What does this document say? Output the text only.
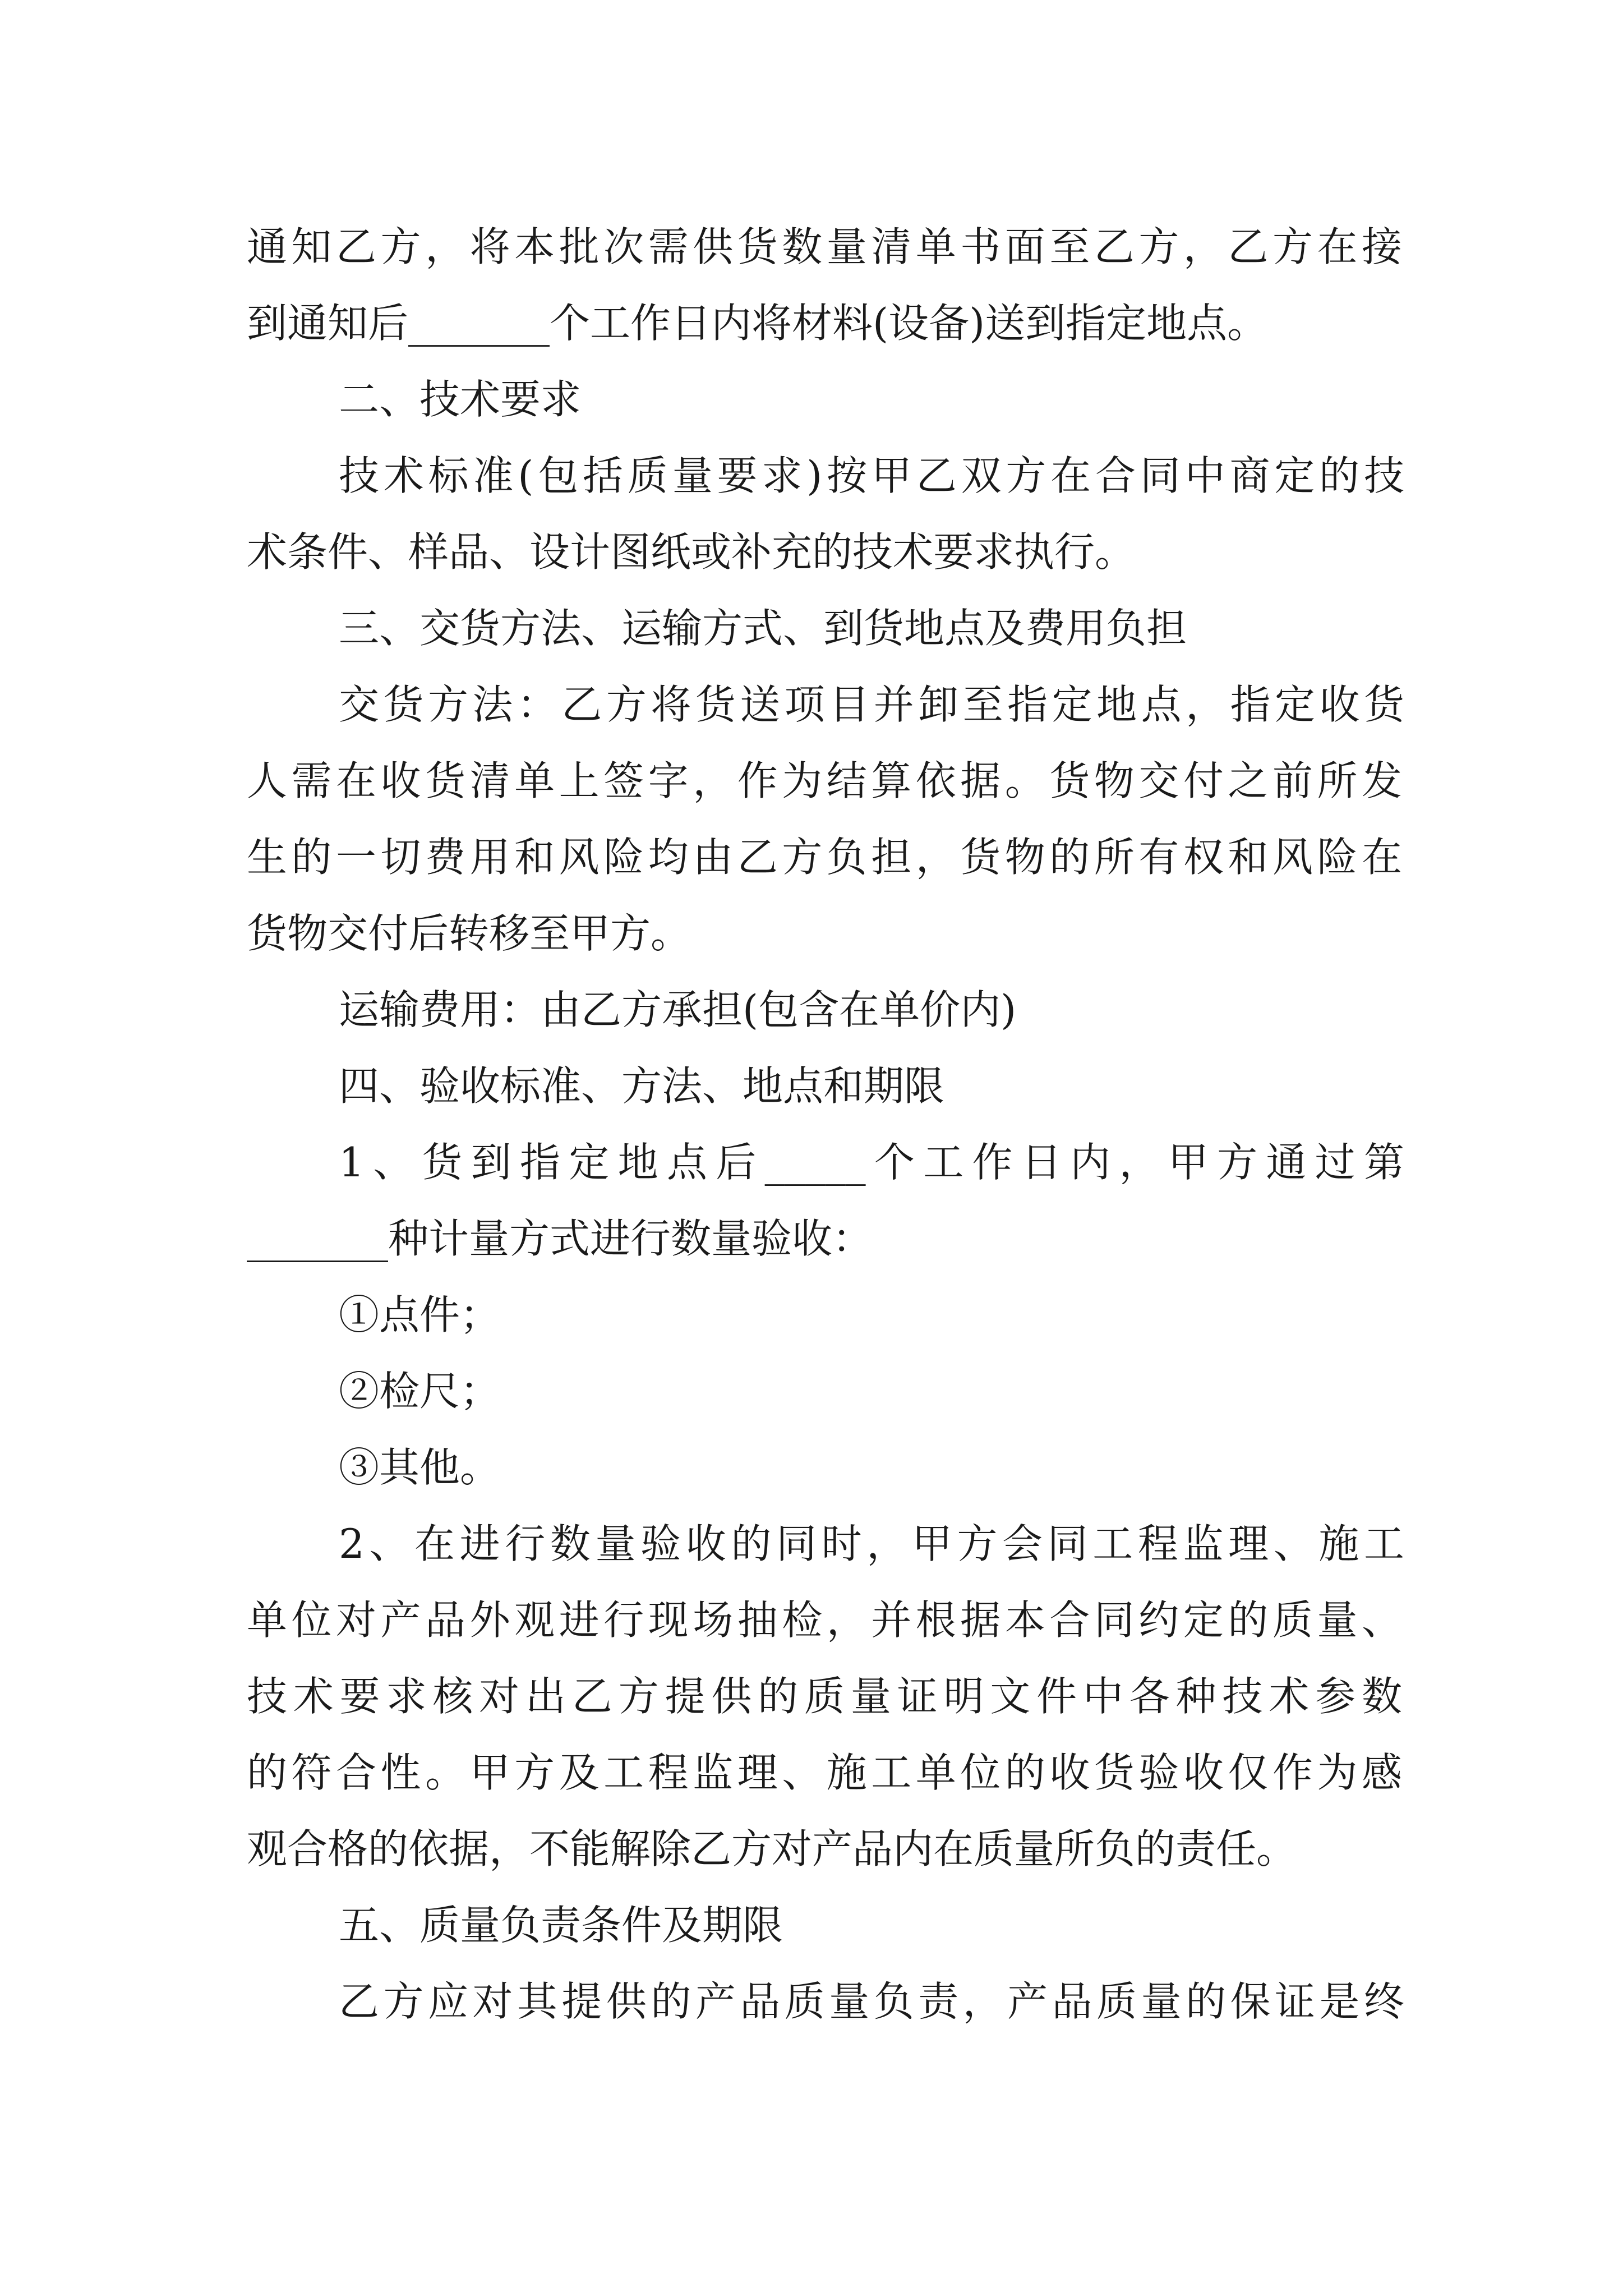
通知乙方，将本批次需供货数量清单书面至乙方，乙方在接
到通知后_______个工作日内将材料(设备)送到指定地点。
二、技术要求
技术标准(包括质量要求)按甲乙双方在合同中商定的技
术条件、样品、设计图纸或补充的技术要求执行。
三、交货方法、运输方式、到货地点及费用负担
交货方法：乙方将货送项目并卸至指定地点，指定收货
人需在收货清单上签字，作为结算依据。货物交付之前所发
生的一切费用和风险均由乙方负担，货物的所有权和风险在
货物交付后转移至甲方。
运输费用：由乙方承担(包含在单价内)
四、验收标准、方法、地点和期限
1、货到指定地点后_____个工作日内，甲方通过第
_______种计量方式进行数量验收：
①点件；
②检尺；
③其他。
2、在进行数量验收的同时，甲方会同工程监理、施工
单位对产品外观进行现场抽检，并根据本合同约定的质量、
技术要求核对出乙方提供的质量证明文件中各种技术参数
的符合性。甲方及工程监理、施工单位的收货验收仅作为感
观合格的依据，不能解除乙方对产品内在质量所负的责任。
五、质量负责条件及期限
乙方应对其提供的产品质量负责，产品质量的保证是终
